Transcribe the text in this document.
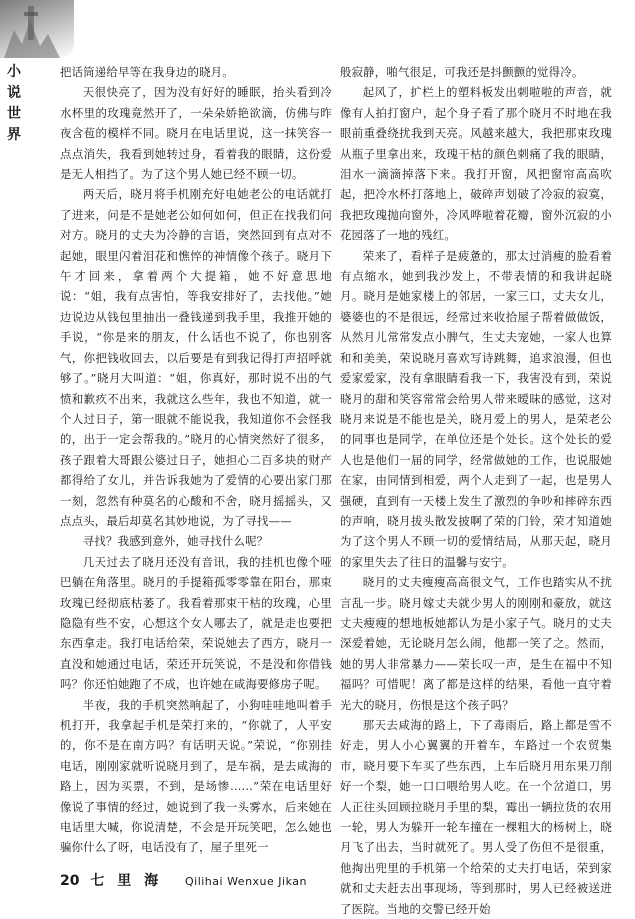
小
说
世
界

把话筒递给早等在我身边的晓月。

天很快亮了，因为没有好好的睡眠，抬头看到冷水杯里的玫瑰竟然开了，一朵朵娇艳欲滴，仿佛与昨夜含苞的模样不同。晓月在电话里说，这一抹笑容一点点消失，我看到她转过身，看着我的眼睛，这份爱是无人相挡了。为了这个男人她已经不顾一切。

两天后，晓月将手机刚充好电她老公的电话就打了进来，问是不是她老公如何如何，但正在找我们问对方。晓月的丈夫为冷静的言语，突然回到有点对不起她，眼里闪着泪花和憔悴的神情像个孩子。晓月下午才回来，拿着两个大提箱，她不好意思地说：“姐，我有点害怕，等我安排好了，去找他。”她边说边从钱包里抽出一叠钱递到我手里，我推开她的手说，“你是来的朋友，什么话也不说了，你也别客气，你把钱收回去，以后要是有到我记得打声招呼就够了。”晓月大叫道：“姐，你真好，那时说不出的气愤和歉疚不出来，我就这么些年，我也不知道，就一个人过日子，第一眼就不能说我，我知道你不会怪我的，出于一定会帮我的。”晓月的心情突然好了很多，孩子跟着大哥跟公婆过日子，她担心二百多块的财产都得给了女儿，并告诉我她为了爱情的心要出家门那一刻，忽然有种莫名的心酸和不舍，晓月摇摇头，又点点头，最后却莫名其妙地说，为了寻找——

寻找？我感到意外，她寻找什么呢？

几天过去了晓月还没有音讯，我的挂机也像个哑巴躺在角落里。晓月的手提箱孤零零靠在阳台，那束玫瑰已经彻底枯萎了。我看着那束干枯的玫瑰，心里隐隐有些不安，心想这个女人哪去了，就是走也要把东西拿走。我打电话给荣，荣说她去了西方，晓月一直没和她通过电话，荣还开玩笑说，不是没和你借钱吗？你还怕她跑了不成，也许她在咸海要修房子呢。

半夜，我的手机突然响起了，小狗哇哇地叫着手机打开，我拿起手机是荣打来的，“你就了，人平安的，你不是在南方吗？有话明天说。”荣说，“你别挂电话，刚刚家就听说晓月到了，是车祸，是去咸海的路上，因为买票，不到，是场惨……”荣在电话里好像说了事情的经过，她说到了我一头雾水，后来她在电话里大喊，你说清楚，不会是开玩笑吧，怎么她也骗你什么了呀，电话没有了，屋子里死一

般寂静，啪气很足，可我还是抖颤颤的觉得冷。

起风了，扩栏上的塑料板发出刺啦啦的声音，就像有人拍打窗户，起个身子看了那个晓月不时地在我眼前重叠绕扰我到天亮。风越来越大，我把那束玫瑰从瓶子里拿出来，玫瑰干枯的颜色刺痛了我的眼睛，泪水一滴滴掉落下来。我打开窗，风把窗帘高高吹起，把冷水杯打落地上，破碎声划破了冷寂的寂寞，我把玫瑰抛向窗外，冷风哗啦着花瓣，窗外沉寂的小花园落了一地的残红。

荣来了，看样子是疲惫的，那太过消瘦的脸看着有点缩水，她到我沙发上，不带表情的和我讲起晓月。晓月是她家楼上的邻居，一家三口，丈夫女儿，婆婆也的不是很远，经常过来收拾屋子帮着做做饭，从然月儿常常发点小脾气，生丈夫宠她，一家人也算和和美美，荣说晓月喜欢写诗跳舞，追求浪漫，但也爱家爱家，没有拿眼睛看我一下，我害没有到，荣说晓月的甜和笑容常常会给男人带来暧昧的感觉，这对晓月来说是不能也是关，晓月爱上的男人，是荣老公的同事也是同学，在单位还是个处长。这个处长的爱人也是他们一届的同学，经常做她的工作，也说服她在家，由同情到相爱，两个人走到了一起，也是男人强硬，直到有一天楼上发生了激烈的争吵和摔碎东西的声响，晓月拔头散发披啊了荣的门铃，荣才知道她为了这个男人不顾一切的爱情结局，从那天起，晓月的家里失去了往日的温馨与安宁。

晓月的丈夫瘦瘦高高很文气，工作也踏实从不扰言乱一步。晓月嫁丈夫就少男人的刚刚和豪放，就这丈夫瘦瘦的想地板她都认为是小家子气。晓月的丈夫深爱着她，无论晓月怎么闹，他都一笑了之。然而，她的男人非常暴力——荣长叹一声，是生在福中不知福吗？可惜呢！离了都是这样的结果，看他一直守着光大的晓月，伤恨是这个孩子吗？

那天去咸海的路上，下了毒雨后，路上都是雪不好走，男人小心翼翼的开着车，车路过一个农贸集市，晓月要下车买了些东西，上车后晓月用东果刀削好一个梨，她一口口喂给男人吃。在一个岔道口，男人正往头回顾拉晓月手里的梨，霉出一辆拉货的农用一轮，男人为躲开一轮车撞在一棵粗大的杨树上，晓月飞了出去，当时就死了。男人受了伤但不是很重，他掏出兜里的手机第一个给荣的丈夫打电话，荣到家就和丈夫赶去出事现场，等到那时，男人已经被送进了医院。当地的交警已经开始

20 七 里 海 Qilihai Wenxue Jikan
